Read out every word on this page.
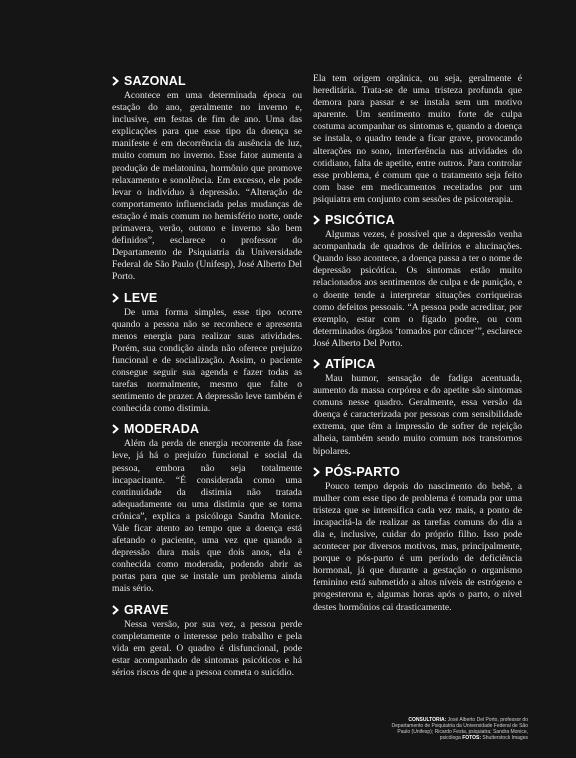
SAZONAL

Acontece em uma determinada época ou estação do ano, geralmente no inverno e, inclusive, em festas de fim de ano. Uma das explicações para que esse tipo da doença se manifeste é em decorrência da ausência de luz, muito comum no inverno. Esse fator aumenta a produção de melatonina, hormônio que promove relaxamento e sonolência. Em excesso, ele pode levar o indivíduo à depressão. “Alteração de comportamento influenciada pelas mudanças de estação é mais comum no hemisfério norte, onde primavera, verão, outono e inverno são bem definidos”, esclarece o professor do Departamento de Psiquiatria da Universidade Federal de São Paulo (Unifesp), José Alberto Del Porto.

LEVE

De uma forma simples, esse tipo ocorre quando a pessoa não se reconhece e apresenta menos energia para realizar suas atividades. Porém, sua condição ainda não oferece prejuízo funcional e de socialização. Assim, o paciente consegue seguir sua agenda e fazer todas as tarefas normalmente, mesmo que falte o sentimento de prazer. A depressão leve também é conhecida como distimia.

MODERADA

Além da perda de energia recorrente da fase leve, já há o prejuízo funcional e social da pessoa, embora não seja totalmente incapacitante. “É considerada como uma continuidade da distimia não tratada adequadamente ou uma distimia que se torna crônica”, explica a psicóloga Sandra Monice. Vale ficar atento ao tempo que a doença está afetando o paciente, uma vez que quando a depressão dura mais que dois anos, ela é conhecida como moderada, podendo abrir as portas para que se instale um problema ainda mais sério.

GRAVE

Nessa versão, por sua vez, a pessoa perde completamente o interesse pelo trabalho e pela vida em geral. O quadro é disfuncional, pode estar acompanhado de sintomas psicóticos e há sérios riscos de que a pessoa cometa o suicídio.

Ela tem origem orgânica, ou seja, geralmente é hereditária. Trata-se de uma tristeza profunda que demora para passar e se instala sem um motivo aparente. Um sentimento muito forte de culpa costuma acompanhar os sintomas e, quando a doença se instala, o quadro tende a ficar grave, provocando alterações no sono, interferência nas atividades do cotidiano, falta de apetite, entre outros. Para controlar esse problema, é comum que o tratamento seja feito com base em medicamentos receitados por um psiquiatra em conjunto com sessões de psicoterapia.

PSICÓTICA

Algumas vezes, é possível que a depressão venha acompanhada de quadros de delírios e alucinações. Quando isso acontece, a doença passa a ter o nome de depressão psicótica. Os sintomas estão muito relacionados aos sentimentos de culpa e de punição, e o doente tende a interpretar situações corriqueiras como defeitos pessoais. “A pessoa pode acreditar, por exemplo, estar com o fígado podre, ou com determinados órgãos ‘tomados por câncer’”, esclarece José Alberto Del Porto.

ATÍPICA

Mau humor, sensação de fadiga acentuada, aumento da massa corpórea e do apetite são sintomas comuns nesse quadro. Geralmente, essa versão da doença é caracterizada por pessoas com sensibilidade extrema, que têm a impressão de sofrer de rejeição alheia, também sendo muito comum nos transtornos bipolares.

PÓS-PARTO

Pouco tempo depois do nascimento do bebê, a mulher com esse tipo de problema é tomada por uma tristeza que se intensifica cada vez mais, a ponto de incapacitá-la de realizar as tarefas comuns do dia a dia e, inclusive, cuidar do próprio filho. Isso pode acontecer por diversos motivos, mas, principalmente, porque o pós-parto é um período de deficiência hormonal, já que durante a gestação o organismo feminino está submetido a altos níveis de estrógeno e progesterona e, algumas horas após o parto, o nível destes hormônios cai drasticamente.

CONSULTORIA: José Alberto Del Porto, professor do Departamento de Psiquiatria da Universidade Federal de São Paulo (Unifesp); Ricardo Festa, psiquiatra; Sandra Monice, psicóloga FOTOS: Shutterstock Images
